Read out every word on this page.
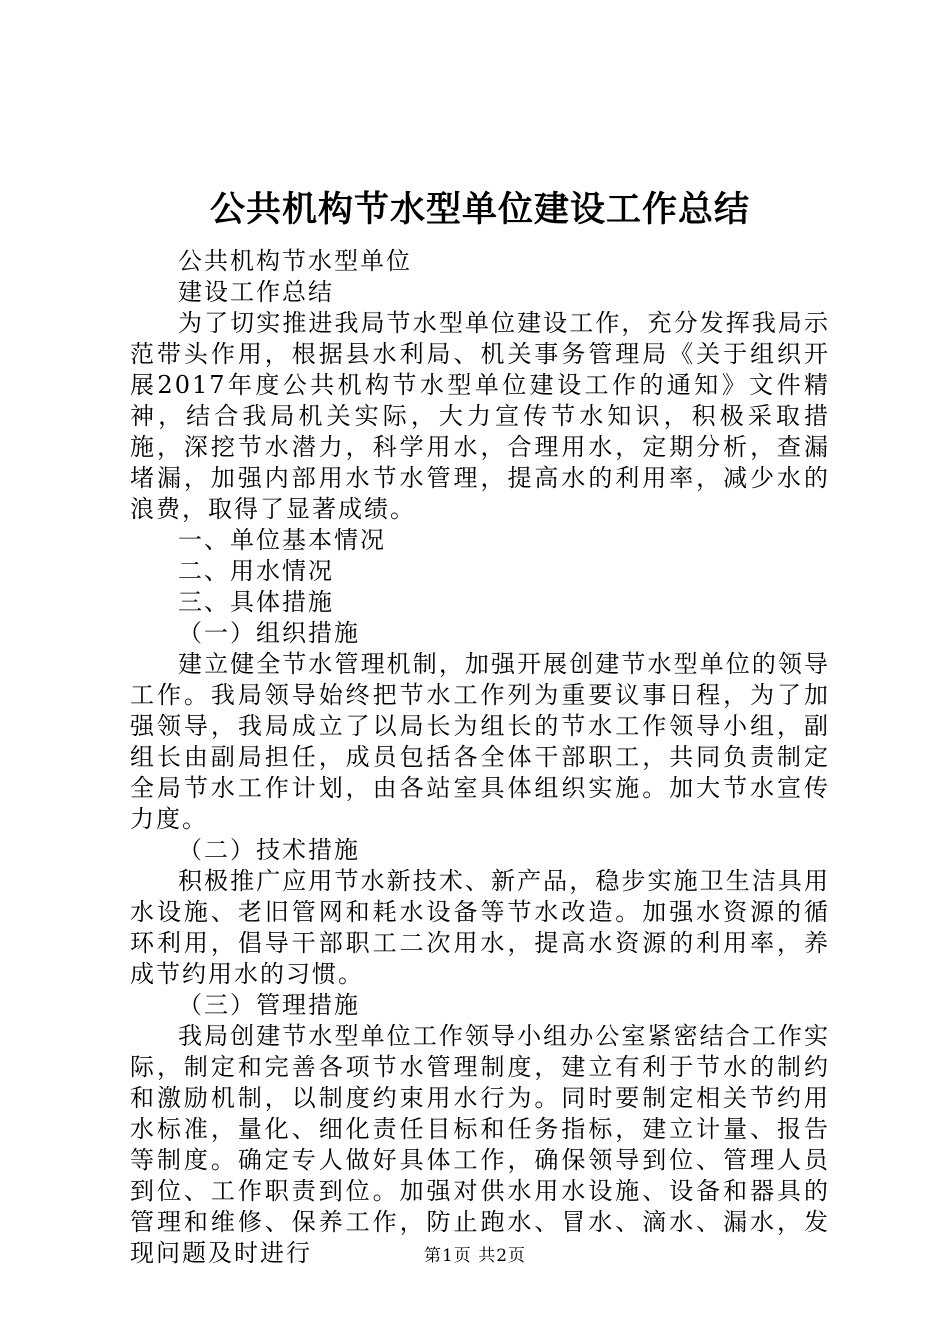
公共机构节水型单位建设工作总结

公共机构节水型单位

建设工作总结

为了切实推进我局节水型单位建设工作，充分发挥我局示范带头作用，根据县水利局、机关事务管理局《关于组织开展2017年度公共机构节水型单位建设工作的通知》文件精神，结合我局机关实际，大力宣传节水知识，积极采取措施，深挖节水潜力，科学用水，合理用水，定期分析，查漏堵漏，加强内部用水节水管理，提高水的利用率，减少水的浪费，取得了显著成绩。

一、单位基本情况

二、用水情况

三、具体措施

（一）组织措施

建立健全节水管理机制，加强开展创建节水型单位的领导工作。我局领导始终把节水工作列为重要议事日程，为了加强领导，我局成立了以局长为组长的节水工作领导小组，副组长由副局担任，成员包括各全体干部职工，共同负责制定全局节水工作计划，由各站室具体组织实施。加大节水宣传力度。

（二）技术措施

积极推广应用节水新技术、新产品，稳步实施卫生洁具用水设施、老旧管网和耗水设备等节水改造。加强水资源的循环利用，倡导干部职工二次用水，提高水资源的利用率，养成节约用水的习惯。

（三）管理措施

我局创建节水型单位工作领导小组办公室紧密结合工作实际，制定和完善各项节水管理制度，建立有利于节水的制约和激励机制，以制度约束用水行为。同时要制定相关节约用水标准，量化、细化责任目标和任务指标，建立计量、报告等制度。确定专人做好具体工作，确保领导到位、管理人员到位、工作职责到位。加强对供水用水设施、设备和器具的管理和维修、保养工作，防止跑水、冒水、滴水、漏水，发现问题及时进行	第1页 共2页
